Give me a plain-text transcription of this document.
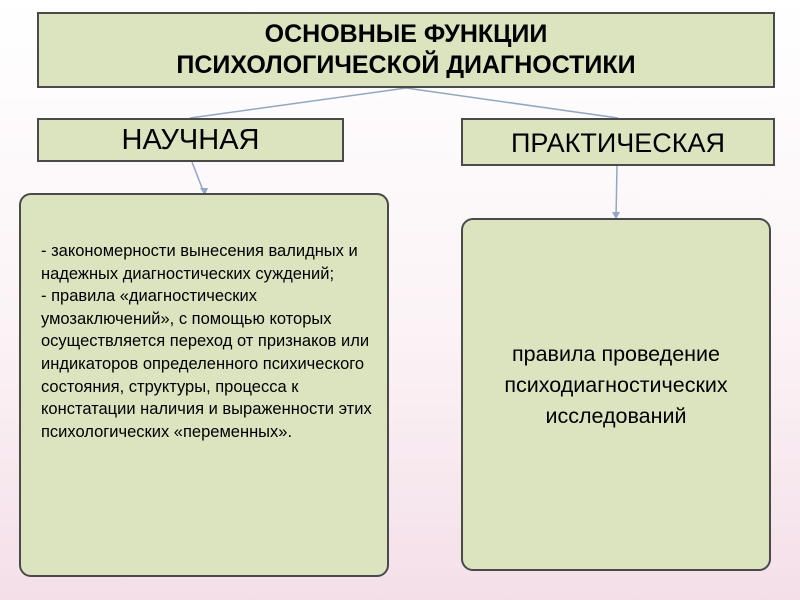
ОСНОВНЫЕ ФУНКЦИИ
ПСИХОЛОГИЧЕСКОЙ ДИАГНОСТИКИ
НАУЧНАЯ	ПРАКТИЧЕСКАЯ

- закономерности вынесения валидных и надежных диагностических суждений;

- правила «диагностических умозаключений», с помощью которых осуществляется переход от признаков или индикаторов определенного психического состояния, структуры, процесса к констатации наличия и выраженности этих психологических «переменных».

правила проведение психодиагностических исследований
